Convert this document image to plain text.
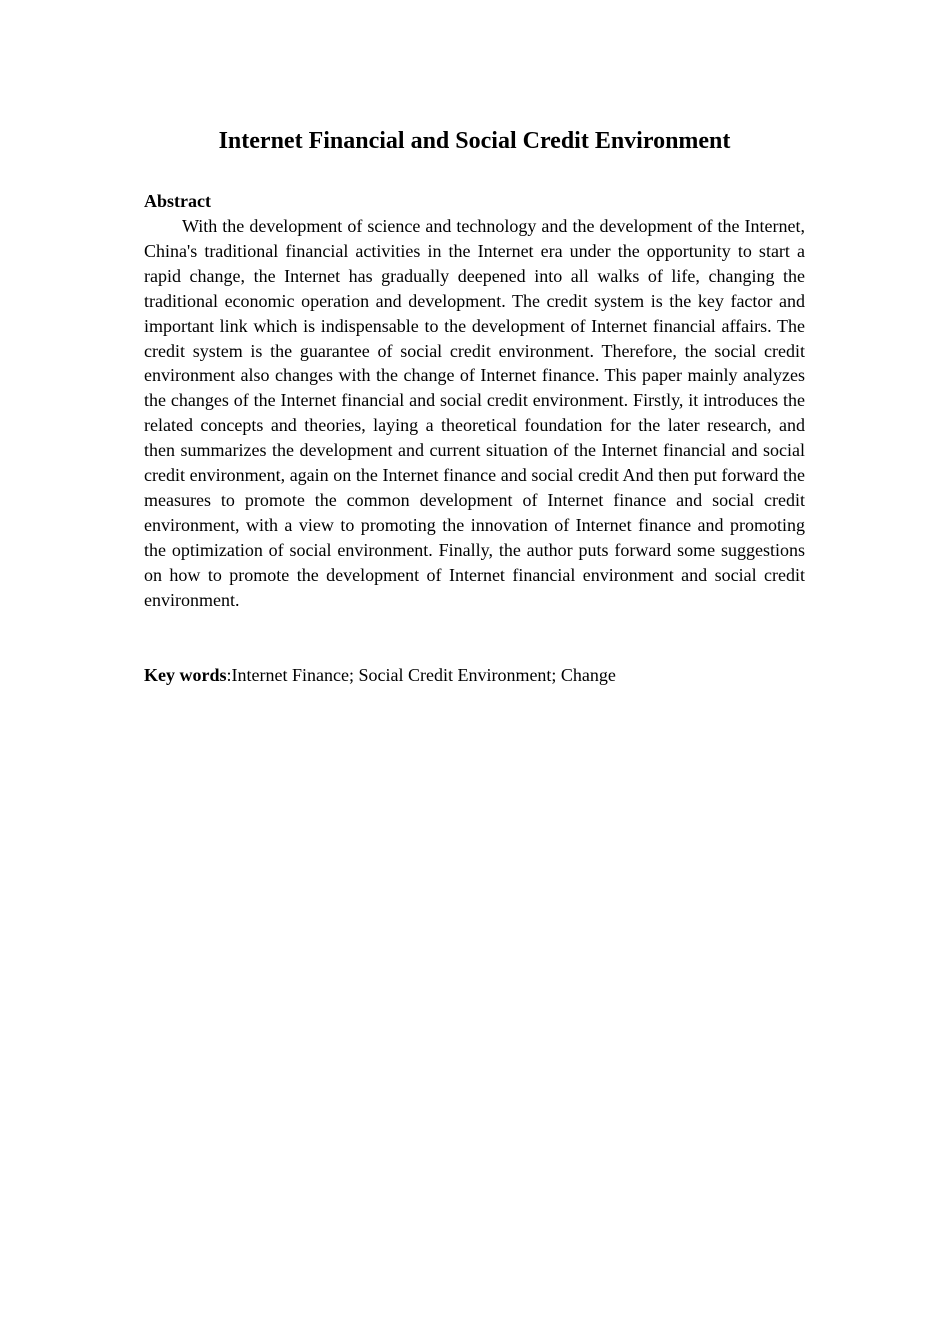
Internet Financial and Social Credit Environment

Abstract

With the development of science and technology and the development of the Internet, China's traditional financial activities in the Internet era under the opportunity to start a rapid change, the Internet has gradually deepened into all walks of life, changing the traditional economic operation and development. The credit system is the key factor and important link which is indispensable to the development of Internet financial affairs. The credit system is the guarantee of social credit environment. Therefore, the social credit environment also changes with the change of Internet finance. This paper mainly analyzes the changes of the Internet financial and social credit environment. Firstly, it introduces the related concepts and theories, laying a theoretical foundation for the later research, and then summarizes the development and current situation of the Internet financial and social credit environment, again on the Internet finance and social credit And then put forward the measures to promote the common development of Internet finance and social credit environment, with a view to promoting the innovation of Internet finance and promoting the optimization of social environment. Finally, the author puts forward some suggestions on how to promote the development of Internet financial environment and social credit environment.

Key words:Internet Finance; Social Credit Environment; Change
